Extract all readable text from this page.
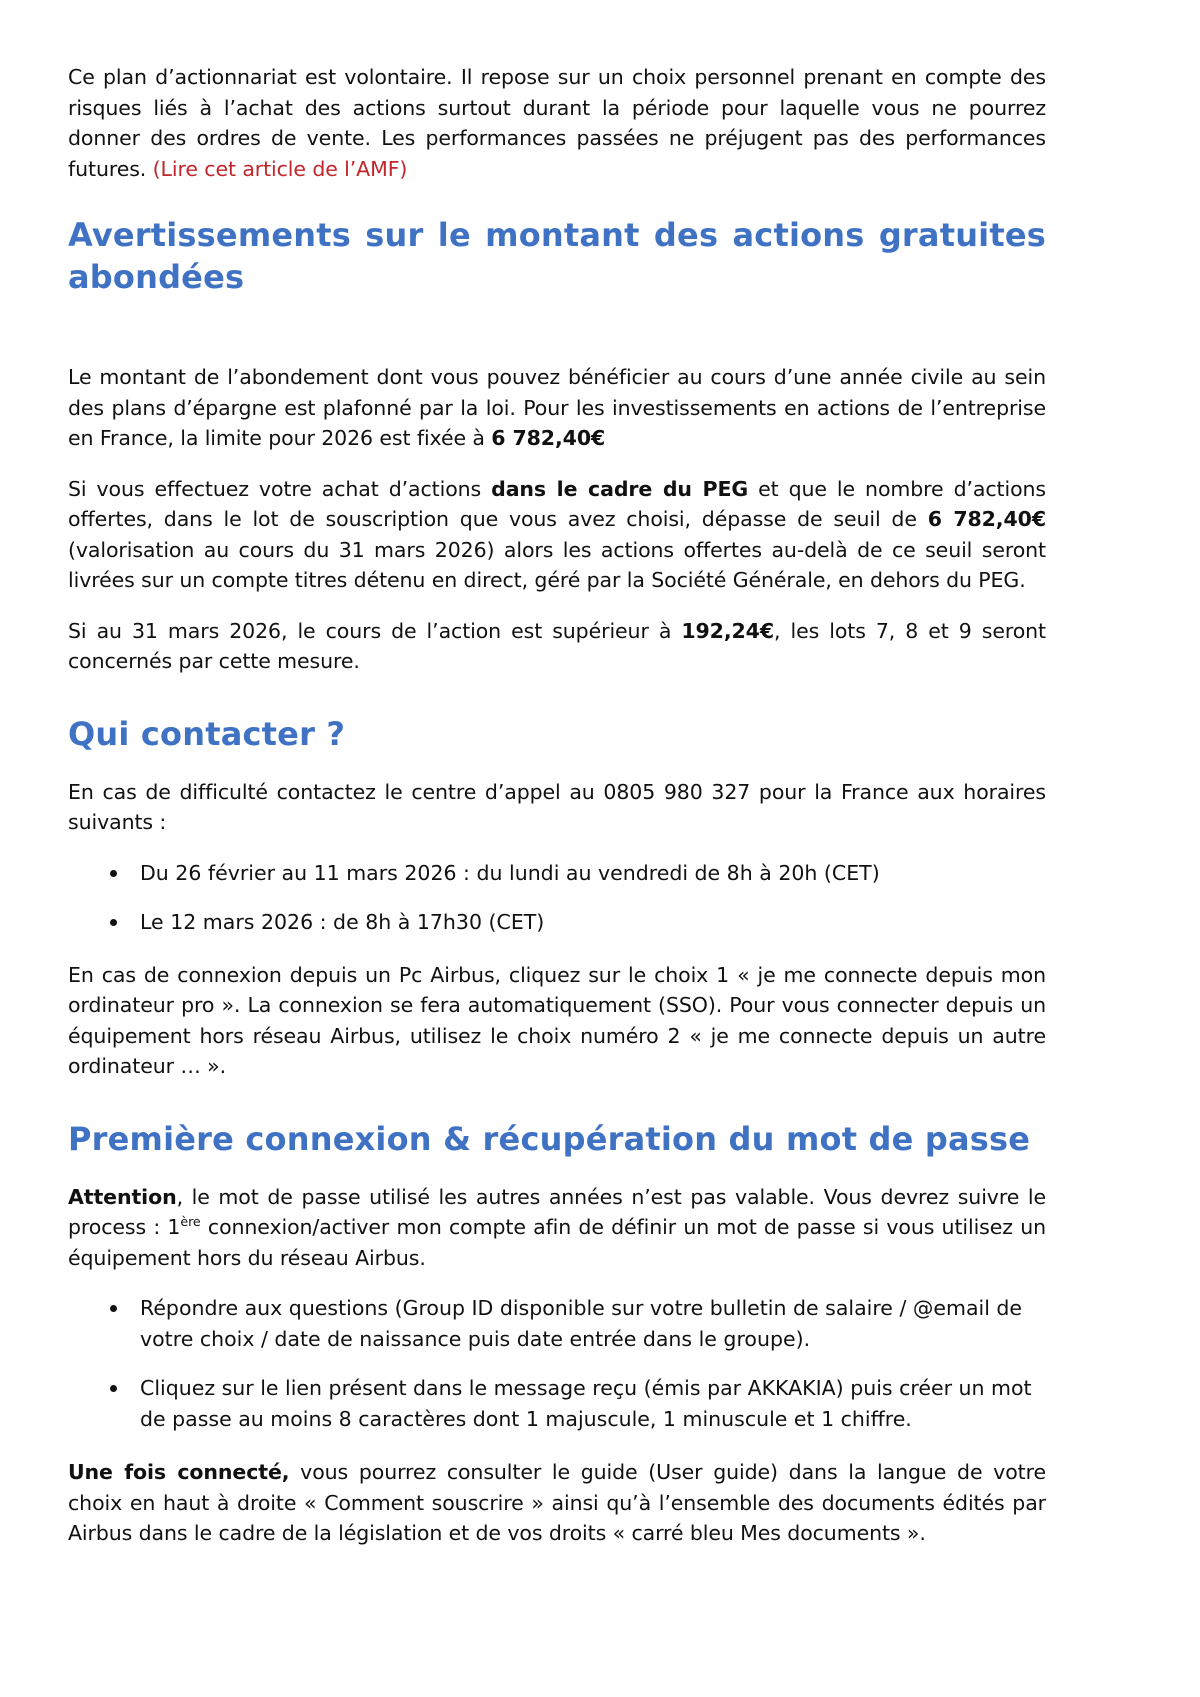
Ce plan d’actionnariat est volontaire. Il repose sur un choix personnel prenant en compte des risques liés à l’achat des actions surtout durant la période pour laquelle vous ne pourrez donner des ordres de vente. Les performances passées ne préjugent pas des performances futures. (Lire cet article de l’AMF)

Avertissements sur le montant des actions gratuites abondées

Le montant de l’abondement dont vous pouvez bénéficier au cours d’une année civile au sein des plans d’épargne est plafonné par la loi. Pour les investissements en actions de l’entreprise en France, la limite pour 2026 est fixée à 6 782,40€

Si vous effectuez votre achat d’actions dans le cadre du PEG et que le nombre d’actions offertes, dans le lot de souscription que vous avez choisi, dépasse de seuil de 6 782,40€ (valorisation au cours du 31 mars 2026) alors les actions offertes au-delà de ce seuil seront livrées sur un compte titres détenu en direct, géré par la Société Générale, en dehors du PEG.

Si au 31 mars 2026, le cours de l’action est supérieur à 192,24€, les lots 7, 8 et 9 seront concernés par cette mesure.

Qui contacter ?

En cas de difficulté contactez le centre d’appel au 0805 980 327 pour la France aux horaires suivants :

Du 26 février au 11 mars 2026 : du lundi au vendredi de 8h à 20h (CET)
Le 12 mars 2026 : de 8h à 17h30 (CET)

En cas de connexion depuis un Pc Airbus, cliquez sur le choix 1 « je me connecte depuis mon ordinateur pro ». La connexion se fera automatiquement (SSO). Pour vous connecter depuis un équipement hors réseau Airbus, utilisez le choix numéro 2 « je me connecte depuis un autre ordinateur … ».

Première connexion & récupération du mot de passe

Attention, le mot de passe utilisé les autres années n’est pas valable. Vous devrez suivre le process : 1ère connexion/activer mon compte afin de définir un mot de passe si vous utilisez un équipement hors du réseau Airbus.

Répondre aux questions (Group ID disponible sur votre bulletin de salaire / @email de votre choix / date de naissance puis date entrée dans le groupe).
Cliquez sur le lien présent dans le message reçu (émis par AKKAKIA) puis créer un mot de passe au moins 8 caractères dont 1 majuscule, 1 minuscule et 1 chiffre.

Une fois connecté, vous pourrez consulter le guide (User guide) dans la langue de votre choix en haut à droite « Comment souscrire » ainsi qu’à l’ensemble des documents édités par Airbus dans le cadre de la législation et de vos droits « carré bleu Mes documents ».
